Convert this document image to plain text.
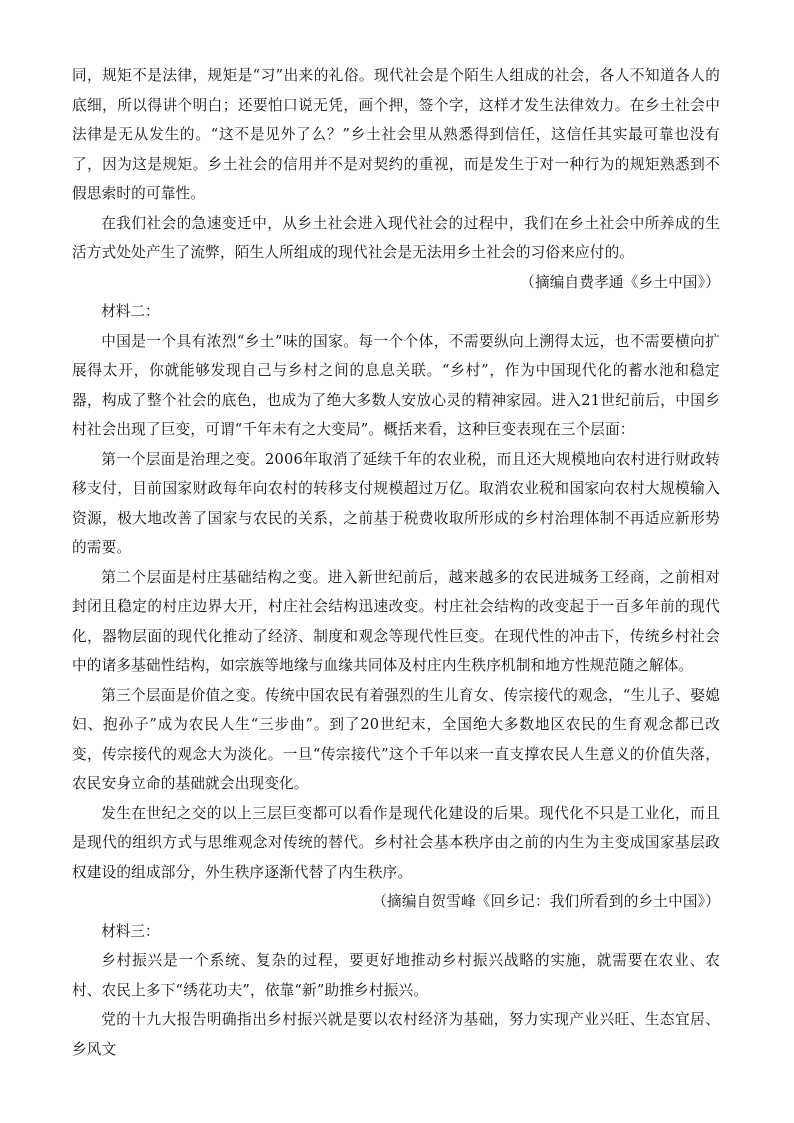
同，规矩不是法律，规矩是“习”出来的礼俗。现代社会是个陌生人组成的社会，各人不知道各人的底细，所以得讲个明白；还要怕口说无凭，画个押，签个字，这样才发生法律效力。在乡土社会中法律是无从发生的。“这不是见外了么？”乡土社会里从熟悉得到信任，这信任其实最可靠也没有了，因为这是规矩。乡土社会的信用并不是对契约的重视，而是发生于对一种行为的规矩熟悉到不假思索时的可靠性。

在我们社会的急速变迁中，从乡土社会进入现代社会的过程中，我们在乡土社会中所养成的生活方式处处产生了流弊，陌生人所组成的现代社会是无法用乡土社会的习俗来应付的。

（摘编自费孝通《乡土中国》）

材料二：

中国是一个具有浓烈“乡土”味的国家。每一个个体，不需要纵向上溯得太远，也不需要横向扩展得太开，你就能够发现自己与乡村之间的息息关联。“乡村”，作为中国现代化的蓄水池和稳定器，构成了整个社会的底色，也成为了绝大多数人安放心灵的精神家园。进入21世纪前后，中国乡村社会出现了巨变，可谓“千年未有之大变局”。概括来看，这种巨变表现在三个层面：

第一个层面是治理之变。2006年取消了延续千年的农业税，而且还大规模地向农村进行财政转移支付，目前国家财政每年向农村的转移支付规模超过万亿。取消农业税和国家向农村大规模输入资源，极大地改善了国家与农民的关系，之前基于税费收取所形成的乡村治理体制不再适应新形势的需要。

第二个层面是村庄基础结构之变。进入新世纪前后，越来越多的农民进城务工经商，之前相对封闭且稳定的村庄边界大开，村庄社会结构迅速改变。村庄社会结构的改变起于一百多年前的现代化，器物层面的现代化推动了经济、制度和观念等现代性巨变。在现代性的冲击下，传统乡村社会中的诸多基础性结构，如宗族等地缘与血缘共同体及村庄内生秩序机制和地方性规范随之解体。

第三个层面是价值之变。传统中国农民有着强烈的生儿育女、传宗接代的观念，“生儿子、娶媳妇、抱孙子”成为农民人生“三步曲”。到了20世纪末，全国绝大多数地区农民的生育观念都已改变，传宗接代的观念大为淡化。一旦“传宗接代”这个千年以来一直支撑农民人生意义的价值失落，农民安身立命的基础就会出现变化。

发生在世纪之交的以上三层巨变都可以看作是现代化建设的后果。现代化不只是工业化，而且是现代的组织方式与思维观念对传统的替代。乡村社会基本秩序由之前的内生为主变成国家基层政权建设的组成部分，外生秩序逐渐代替了内生秩序。

（摘编自贺雪峰《回乡记：我们所看到的乡土中国》）

材料三：

乡村振兴是一个系统、复杂的过程，要更好地推动乡村振兴战略的实施，就需要在农业、农村、农民上多下“绣花功夫”，依靠“新”助推乡村振兴。

党的十九大报告明确指出乡村振兴就是要以农村经济为基础，努力实现产业兴旺、生态宜居、乡风文
